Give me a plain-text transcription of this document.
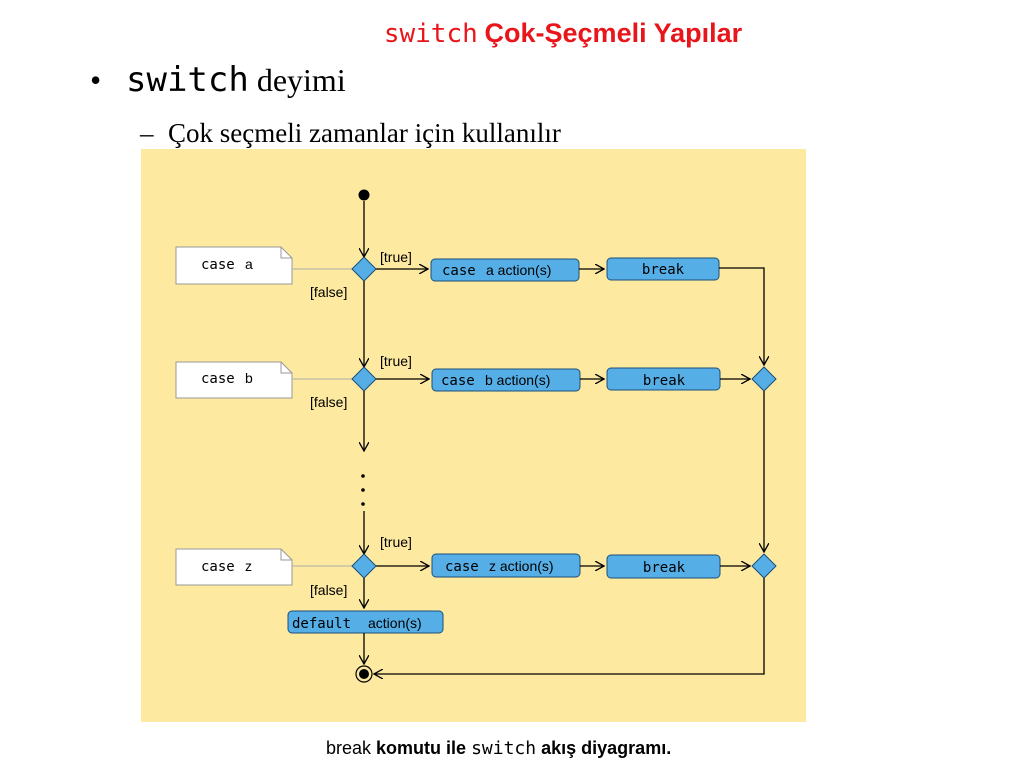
switch Çok-Şeçmeli Yapılar
• switch deyimi
– Çok seçmeli zamanlar için kullanılır
case a	[true]
case a action(s)	break
[false]
case b
[true]
case b action(s)	break
[false]
case z
[true]
case z action(s)	break
[false]
default action(s)
break komutu ile switch akış diyagramı.
